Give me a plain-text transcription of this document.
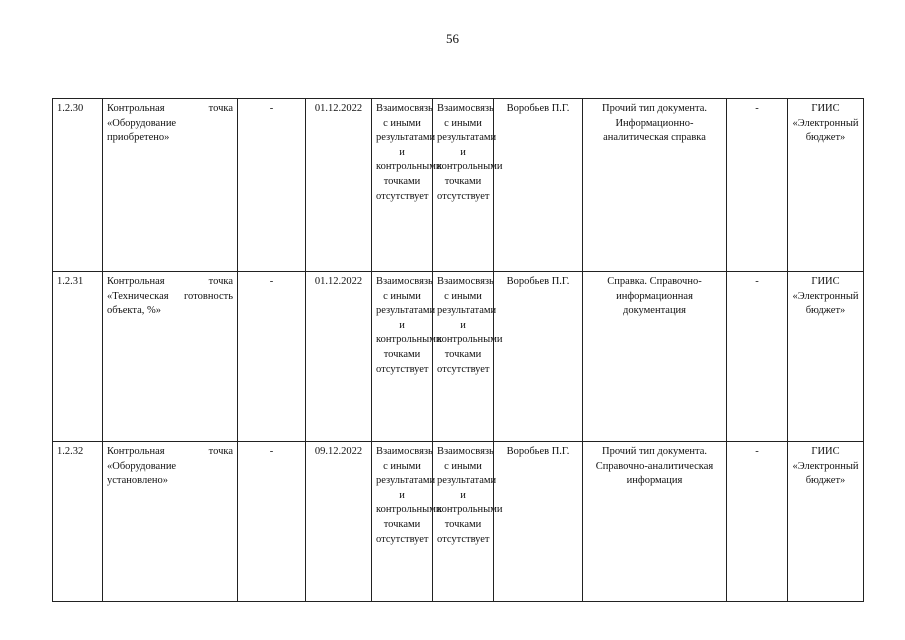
56
1.2.30	Контрольная точка «Оборудование приобретено»	-	01.12.2022	Взаимосвязь с иными результатами и контрольными точками отсутствует	Взаимосвязь с иными результатами и контрольными точками отсутствует	Воробьев П.Г.	Прочий тип документа. Информационно-аналитическая справка	-	ГИИС «Электронный бюджет»
1.2.31	Контрольная точка «Техническая готовность объекта, %»	-	01.12.2022	Взаимосвязь с иными результатами и контрольными точками отсутствует	Взаимосвязь с иными результатами и контрольными точками отсутствует	Воробьев П.Г.	Справка. Справочно-информационная документация	-	ГИИС «Электронный бюджет»
1.2.32	Контрольная точка «Оборудование установлено»	-	09.12.2022	Взаимосвязь с иными результатами и контрольными точками отсутствует	Взаимосвязь с иными результатами и контрольными точками отсутствует	Воробьев П.Г.	Прочий тип документа. Справочно-аналитическая информация	-	ГИИС «Электронный бюджет»
